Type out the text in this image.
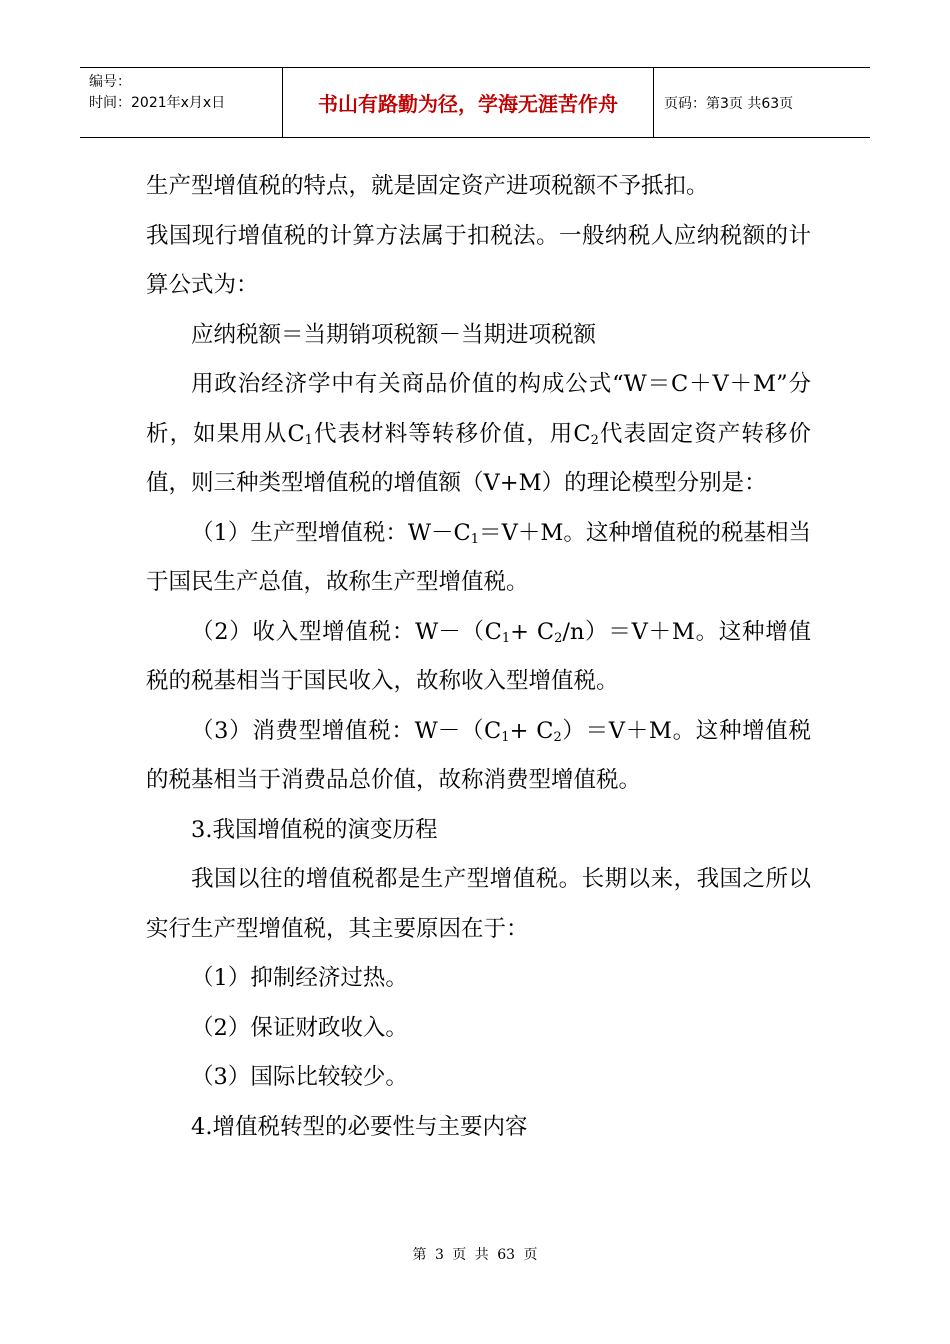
编号：
时间：2021年x月x日	书山有路勤为径，学海无涯苦作舟	页码：第3页 共63页

生产型增值税的特点，就是固定资产进项税额不予抵扣。

我国现行增值税的计算方法属于扣税法。一般纳税人应纳税额的计算公式为：

应纳税额＝当期销项税额－当期进项税额

用政治经济学中有关商品价值的构成公式“W＝C＋V＋M”分析，如果用从$C_1$代表材料等转移价值，用$C_2$代表固定资产转移价值，则三种类型增值税的增值额（V+M）的理论模型分别是：

（1）生产型增值税：$W-C_1=V+M$。这种增值税的税基相当于国民生产总值，故称生产型增值税。

（2）收入型增值税：$W-(C_1+ C_2/n)=V+M$。这种增值税的税基相当于国民收入，故称收入型增值税。

（3）消费型增值税：$W-(C_1+ C_2)=V+M$。这种增值税的税基相当于消费品总价值，故称消费型增值税。

3.我国增值税的演变历程

我国以往的增值税都是生产型增值税。长期以来，我国之所以实行生产型增值税，其主要原因在于：

（1）抑制经济过热。

（2）保证财政收入。

（3）国际比较较少。

4.增值税转型的必要性与主要内容

第 3 页 共 63 页
